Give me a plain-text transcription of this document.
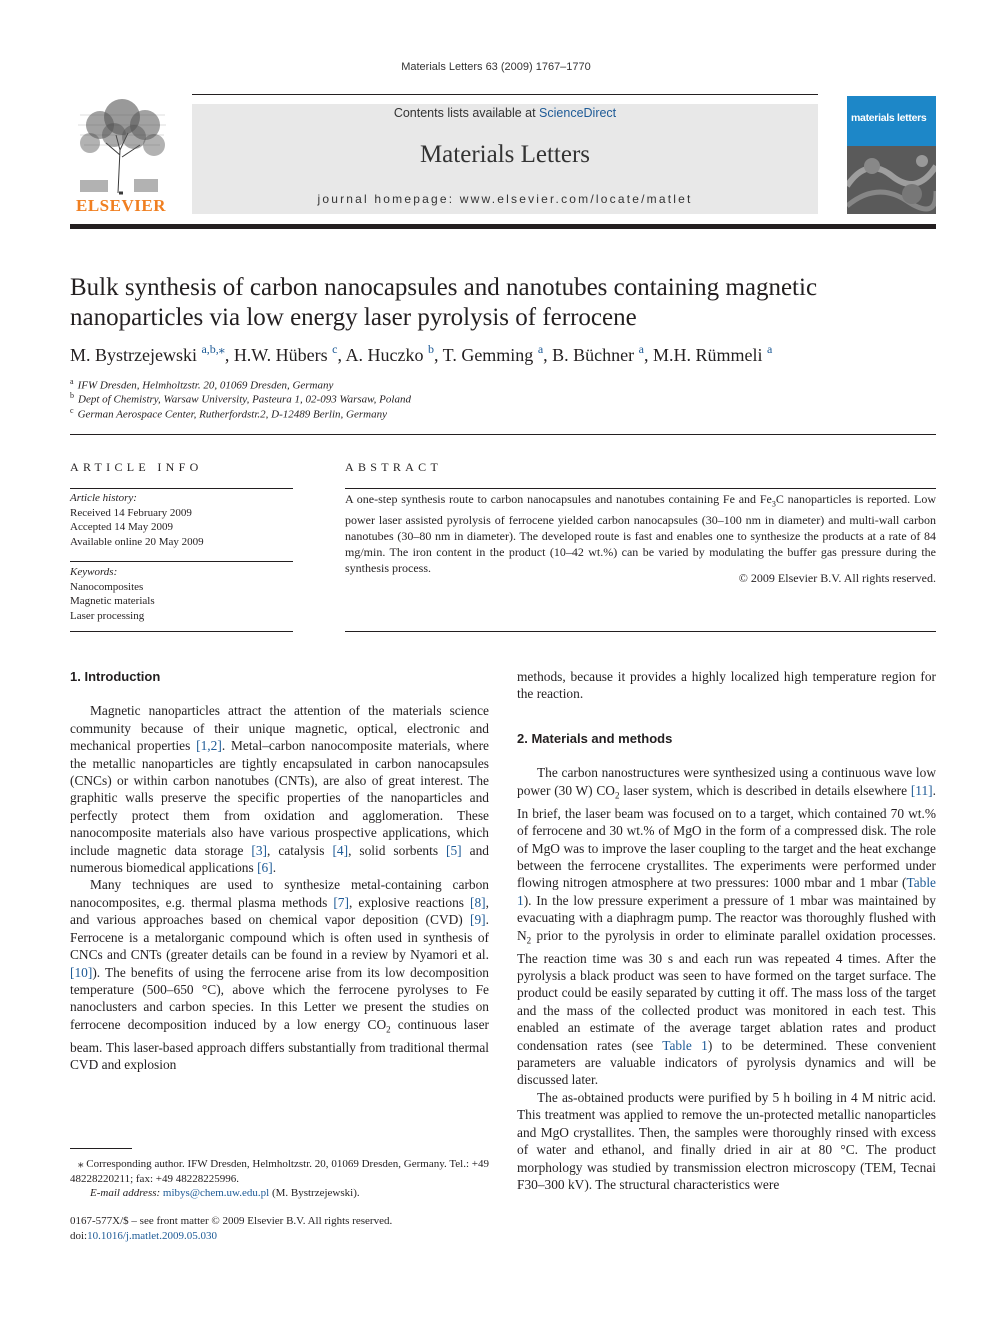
Materials Letters 63 (2009) 1767–1770
ELSEVIER
Contents lists available at ScienceDirect
Materials Letters
journal homepage: www.elsevier.com/locate/matlet
materials letters
Bulk synthesis of carbon nanocapsules and nanotubes containing magnetic nanoparticles via low energy laser pyrolysis of ferrocene
M. Bystrzejewski $^{a,b,⁎}$, H.W. Hübers $^c$, A. Huczko $^b$, T. Gemming $^a$, B. Büchner $^a$, M.H. Rümmeli $^a$
$^a$ IFW Dresden, Helmholtzstr. 20, 01069 Dresden, Germany
$^b$ Dept of Chemistry, Warsaw University, Pasteura 1, 02-093 Warsaw, Poland
$^c$ German Aerospace Center, Rutherfordstr.2, D-12489 Berlin, Germany
ARTICLE INFO
Article history:
Received 14 February 2009
Accepted 14 May 2009
Available online 20 May 2009
Keywords:
Nanocomposites
Magnetic materials
Laser processing
ABSTRACT
A one-step synthesis route to carbon nanocapsules and nanotubes containing Fe and $Fe_3C$ nanoparticles is reported. Low power laser assisted pyrolysis of ferrocene yielded carbon nanocapsules (30–100 nm in diameter) and multi-wall carbon nanotubes (30–80 nm in diameter). The developed route is fast and enables one to synthesize the products at a rate of 84 mg/min. The iron content in the product (10–42 wt.%) can be varied by modulating the buffer gas pressure during the synthesis process.
© 2009 Elsevier B.V. All rights reserved.

1. Introduction

Magnetic nanoparticles attract the attention of the materials science community because of their unique magnetic, optical, electronic and mechanical properties [1,2]. Metal–carbon nanocomposite materials, where the metallic nanoparticles are tightly encapsulated in carbon nanocapsules (CNCs) or within carbon nanotubes (CNTs), are also of great interest. The graphitic walls preserve the specific properties of the nanoparticles and perfectly protect them from oxidation and agglomeration. These nanocomposite materials also have various prospective applications, which include magnetic data storage [3], catalysis [4], solid sorbents [5] and numerous biomedical applications [6].

Many techniques are used to synthesize metal-containing carbon nanocomposites, e.g. thermal plasma methods [7], explosive reactions [8], and various approaches based on chemical vapor deposition (CVD) [9]. Ferrocene is a metalorganic compound which is often used in synthesis of CNCs and CNTs (greater details can be found in a review by Nyamori et al. [10]). The benefits of using the ferrocene arise from its low decomposition temperature (500–650 °C), above which the ferrocene pyrolyses to Fe nanoclusters and carbon species. In this Letter we present the studies on ferrocene decomposition induced by a low energy $CO_2$ continuous laser beam. This laser-based approach differs substantially from traditional thermal CVD and explosion

methods, because it provides a highly localized high temperature region for the reaction.

2. Materials and methods

The carbon nanostructures were synthesized using a continuous wave low power (30 W) $CO_2$ laser system, which is described in details elsewhere [11]. In brief, the laser beam was focused on to a target, which contained 70 wt.% of ferrocene and 30 wt.% of MgO in the form of a compressed disk. The role of MgO was to improve the laser coupling to the target and the heat exchange between the ferrocene crystallites. The experiments were performed under flowing nitrogen atmosphere at two pressures: 1000 mbar and 1 mbar (Table 1). In the low pressure experiment a pressure of 1 mbar was maintained by evacuating with a diaphragm pump. The reactor was thoroughly flushed with $N_2$ prior to the pyrolysis in order to eliminate parallel oxidation processes. The reaction time was 30 s and each run was repeated 4 times. After the pyrolysis a black product was seen to have formed on the target surface. The product could be easily separated by cutting it off. The mass loss of the target and the mass of the collected product was monitored in each test. This enabled an estimate of the average target ablation rates and product condensation rates (see Table 1) to be determined. These convenient parameters are valuable indicators of pyrolysis dynamics and will be discussed later.

The as-obtained products were purified by 5 h boiling in 4 M nitric acid. This treatment was applied to remove the un-protected metallic nanoparticles and MgO crystallites. Then, the samples were thoroughly rinsed with excess of water and ethanol, and finally dried in air at 80 °C. The product morphology was studied by transmission electron microscopy (TEM, Tecnai F30–300 kV). The structural characteristics were

⁎ Corresponding author. IFW Dresden, Helmholtzstr. 20, 01069 Dresden, Germany. Tel.: +49 48228220211; fax: +49 48228225996.
E-mail address: mibys@chem.uw.edu.pl (M. Bystrzejewski).
0167-577X/$ – see front matter © 2009 Elsevier B.V. All rights reserved.
doi:10.1016/j.matlet.2009.05.030
